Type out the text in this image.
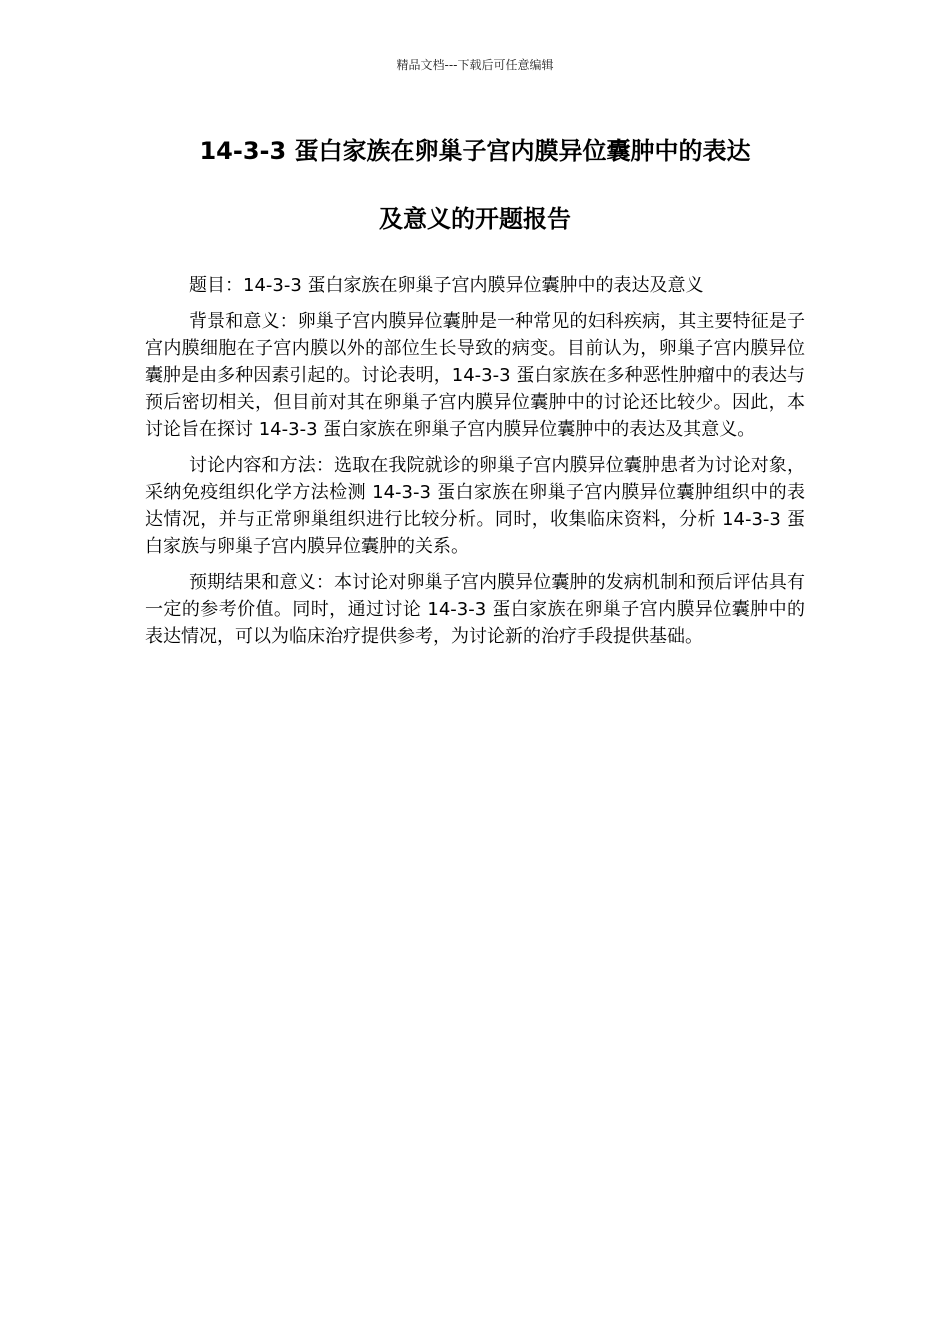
精品文档---下载后可任意编辑
14-3-3 蛋白家族在卵巢子宫内膜异位囊肿中的表达
及意义的开题报告

题目：14-3-3 蛋白家族在卵巢子宫内膜异位囊肿中的表达及意义

背景和意义：卵巢子宫内膜异位囊肿是一种常见的妇科疾病，其主要特征是子宫内膜细胞在子宫内膜以外的部位生长导致的病变。目前认为，卵巢子宫内膜异位囊肿是由多种因素引起的。讨论表明，14-3-3 蛋白家族在多种恶性肿瘤中的表达与预后密切相关，但目前对其在卵巢子宫内膜异位囊肿中的讨论还比较少。因此，本讨论旨在探讨 14-3-3 蛋白家族在卵巢子宫内膜异位囊肿中的表达及其意义。

讨论内容和方法：选取在我院就诊的卵巢子宫内膜异位囊肿患者为讨论对象，采纳免疫组织化学方法检测 14-3-3 蛋白家族在卵巢子宫内膜异位囊肿组织中的表达情况，并与正常卵巢组织进行比较分析。同时，收集临床资料，分析 14-3-3 蛋白家族与卵巢子宫内膜异位囊肿的关系。

预期结果和意义：本讨论对卵巢子宫内膜异位囊肿的发病机制和预后评估具有一定的参考价值。同时，通过讨论 14-3-3 蛋白家族在卵巢子宫内膜异位囊肿中的表达情况，可以为临床治疗提供参考，为讨论新的治疗手段提供基础。
